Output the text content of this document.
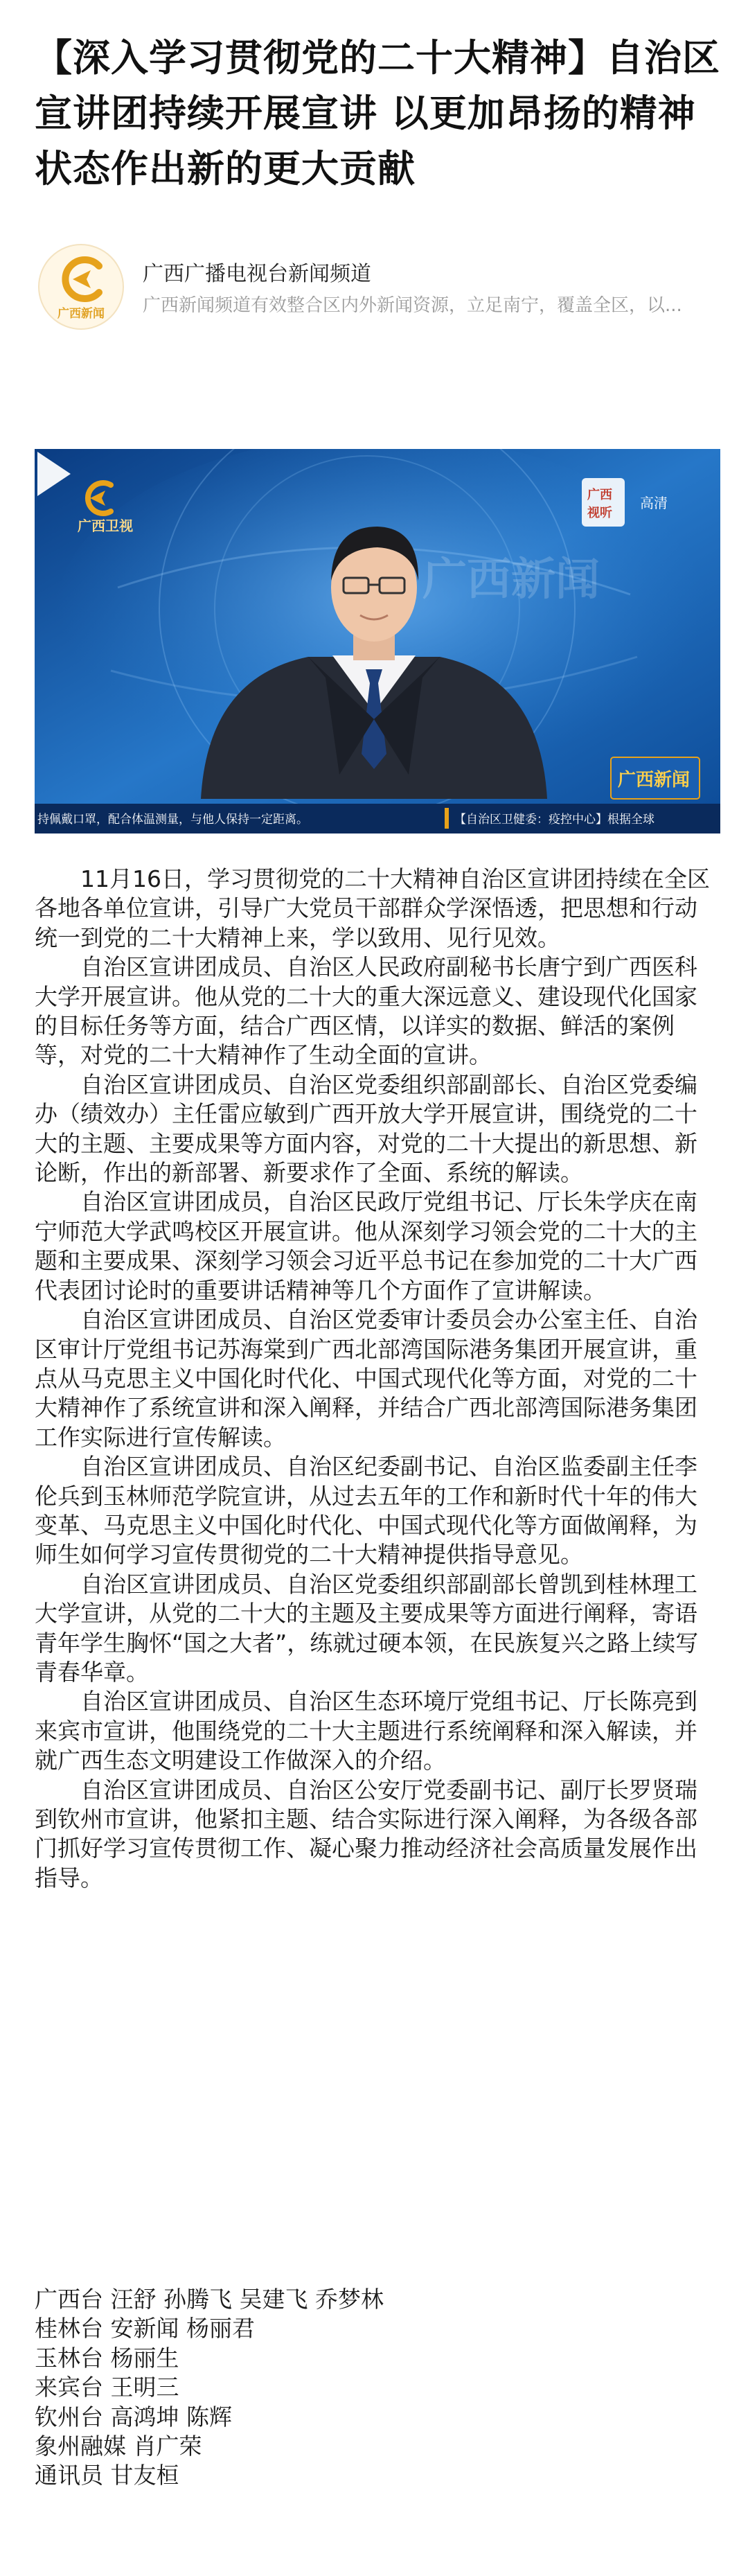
【深入学习贯彻党的二十大精神】自治区宣讲团持续开展宣讲 以更加昂扬的精神状态作出新的更大贡献
广西新闻
广西广播电视台新闻频道
广西新闻频道有效整合区内外新闻资源，立足南宁，覆盖全区，以...
广西新闻
广西卫视
广西
视听
高清
广西新闻
持佩戴口罩，配合体温测量，与他人保持一定距离。	【自治区卫健委：疫控中心】根据全球

11月16日，学习贯彻党的二十大精神自治区宣讲团持续在全区各地各单位宣讲，引导广大党员干部群众学深悟透，把思想和行动统一到党的二十大精神上来，学以致用、见行见效。

自治区宣讲团成员、自治区人民政府副秘书长唐宁到广西医科大学开展宣讲。他从党的二十大的重大深远意义、建设现代化国家的目标任务等方面，结合广西区情，以详实的数据、鲜活的案例等，对党的二十大精神作了生动全面的宣讲。

自治区宣讲团成员、自治区党委组织部副部长、自治区党委编办（绩效办）主任雷应敏到广西开放大学开展宣讲，围绕党的二十大的主题、主要成果等方面内容，对党的二十大提出的新思想、新论断，作出的新部署、新要求作了全面、系统的解读。

自治区宣讲团成员，自治区民政厅党组书记、厅长朱学庆在南宁师范大学武鸣校区开展宣讲。他从深刻学习领会党的二十大的主题和主要成果、深刻学习领会习近平总书记在参加党的二十大广西代表团讨论时的重要讲话精神等几个方面作了宣讲解读。

自治区宣讲团成员、自治区党委审计委员会办公室主任、自治区审计厅党组书记苏海棠到广西北部湾国际港务集团开展宣讲，重点从马克思主义中国化时代化、中国式现代化等方面，对党的二十大精神作了系统宣讲和深入阐释，并结合广西北部湾国际港务集团工作实际进行宣传解读。

自治区宣讲团成员、自治区纪委副书记、自治区监委副主任李伦兵到玉林师范学院宣讲，从过去五年的工作和新时代十年的伟大变革、马克思主义中国化时代化、中国式现代化等方面做阐释，为师生如何学习宣传贯彻党的二十大精神提供指导意见。

自治区宣讲团成员、自治区党委组织部副部长曾凯到桂林理工大学宣讲，从党的二十大的主题及主要成果等方面进行阐释，寄语青年学生胸怀“国之大者”，练就过硬本领，在民族复兴之路上续写青春华章。

自治区宣讲团成员、自治区生态环境厅党组书记、厅长陈亮到来宾市宣讲，他围绕党的二十大主题进行系统阐释和深入解读，并就广西生态文明建设工作做深入的介绍。

自治区宣讲团成员、自治区公安厅党委副书记、副厅长罗贤瑞到钦州市宣讲，他紧扣主题、结合实际进行深入阐释，为各级各部门抓好学习宣传贯彻工作、凝心聚力推动经济社会高质量发展作出指导。

广西台 汪舒 孙腾飞 吴建飞 乔梦林
桂林台 安新闻 杨丽君
玉林台 杨丽生
来宾台 王明三
钦州台 高鸿坤 陈辉
象州融媒 肖广荣
通讯员 甘友桓
